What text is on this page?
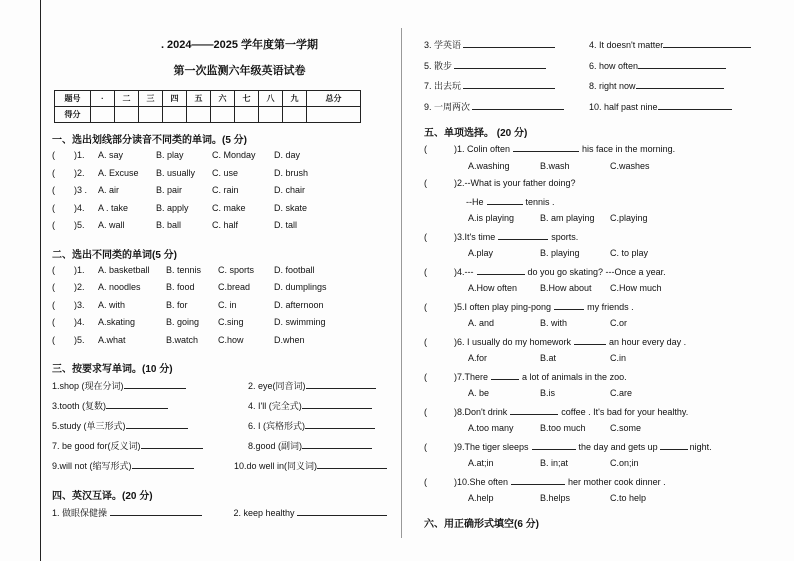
. 2024——2025 学年度第一学期
第一次监测六年级英语试卷
题号	·	二	三	四	五	六	七	八	九	总分
得分										
一、选出划线部分读音不同类的单词。(5 分)
(	)1.	A. say	B. play	C. Monday	D. day
(	)2.	A. Excuse	B. usually	C. use	D. brush
(	)3 .	A. air	B. pair	C. rain	D. chair
(	)4.	A . take	B. apply	C. make	D. skate
(	)5.	A. wall	B. ball	C. half	D. tall
二、选出不同类的单词(5 分)
(	)1.	A. basketball	B. tennis	C. sports	D. football
(	)2.	A. noodles	B. food	C.bread	D. dumplings
(	)3.	A. with	B. for	C. in	D. afternoon
(	)4.	A.skating	B. going	C.sing	D. swimming
(	)5.	A.what	B.watch	C.how	D.when
三、按要求写单词。(10 分)
1.shop (现在分词)	2. eye(同音词)
3.tooth (复数)	4. I'll (完全式)
5.study (单三形式)	6. I (宾格形式)
7. be good for(反义词)	8.good (副词)
9.will not (缩写形式)	10.do well in(同义词)
四、英汉互译。(20 分)
1. 做眼保健操	2. keep healthy
3. 学英语	4. It doesn't matter
5. 散步	6. how often
7. 出去玩	8. right now
9. 一周两次	10. half past nine
五、单项选择。 (20 分)
(	)1. Colin often	his face in the morning.
A.washing	B.wash	C.washes
(	)2.--What is your father doing?
--He	tennis .
A.is playing	B. am playing	C.playing
(	)3.It's time	sports.
A.play	B. playing	C. to play
(	)4.---	do you go skating? ---Once a year.
A.How often	B.How about	C.How much
(	)5.I often play ping-pong	my friends .
A. and	B. with	C.or
(	)6. I usually do my homework	an hour every day .
A.for	B.at	C.in
(	)7.There	a lot of animals in the zoo.
A. be	B.is	C.are
(	)8.Don't drink	coffee . It's bad for your healthy.
A.too many	B.too much	C.some
(	)9.The tiger sleeps	the day and gets up	night.
A.at;in	B. in;at	C.on;in
(	)10.She often	her mother cook dinner .
A.help	B.helps	C.to help
六、用正确形式填空(6 分)
